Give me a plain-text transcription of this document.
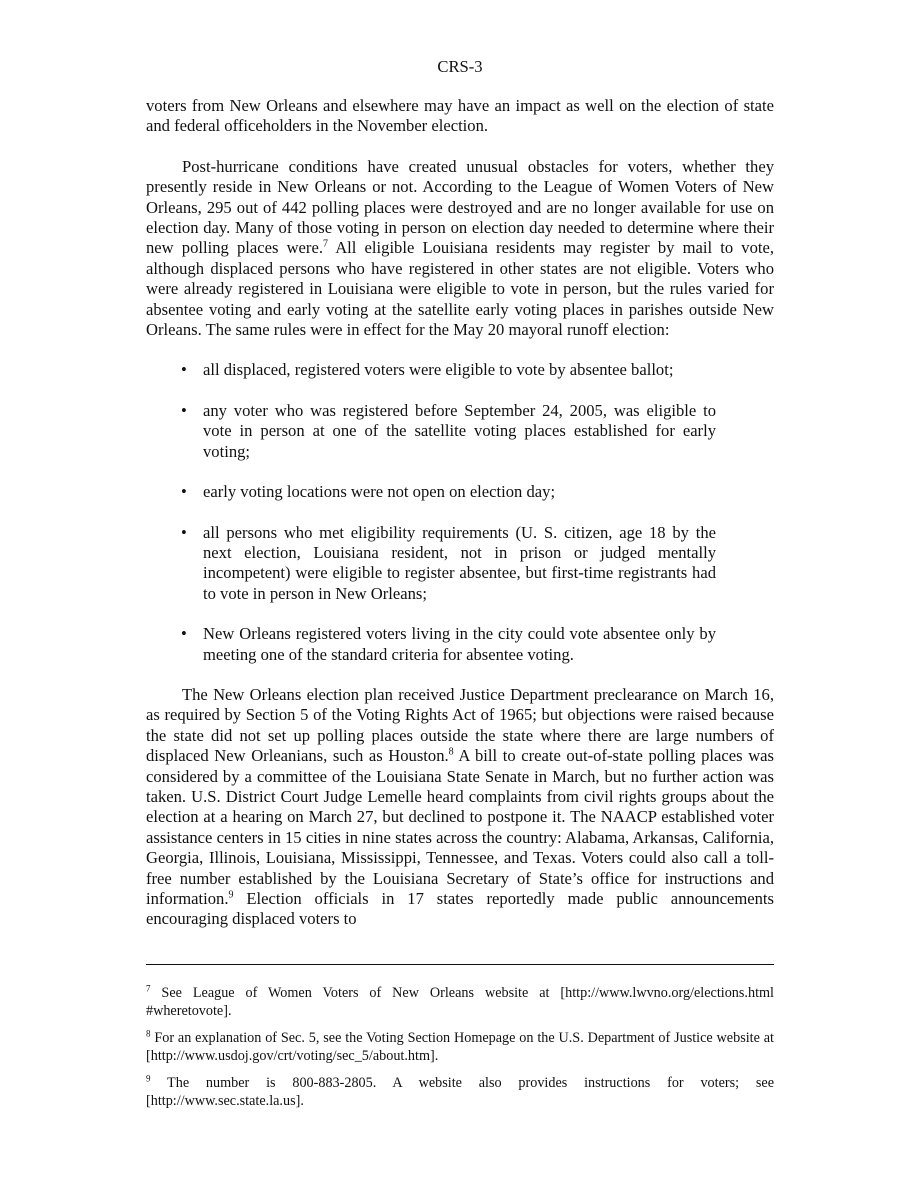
CRS-3

voters from New Orleans and elsewhere may have an impact as well on the election of state and federal officeholders in the November election.

Post-hurricane conditions have created unusual obstacles for voters, whether they presently reside in New Orleans or not. According to the League of Women Voters of New Orleans, 295 out of 442 polling places were destroyed and are no longer available for use on election day. Many of those voting in person on election day needed to determine where their new polling places were.$^7$ All eligible Louisiana residents may register by mail to vote, although displaced persons who have registered in other states are not eligible. Voters who were already registered in Louisiana were eligible to vote in person, but the rules varied for absentee voting and early voting at the satellite early voting places in parishes outside New Orleans. The same rules were in effect for the May 20 mayoral runoff election:

• all displaced, registered voters were eligible to vote by absentee ballot;
• any voter who was registered before September 24, 2005, was eligible to vote in person at one of the satellite voting places established for early voting;
• early voting locations were not open on election day;
• all persons who met eligibility requirements (U. S. citizen, age 18 by the next election, Louisiana resident, not in prison or judged mentally incompetent) were eligible to register absentee, but first-time registrants had to vote in person in New Orleans;
• New Orleans registered voters living in the city could vote absentee only by meeting one of the standard criteria for absentee voting.

The New Orleans election plan received Justice Department preclearance on March 16, as required by Section 5 of the Voting Rights Act of 1965; but objections were raised because the state did not set up polling places outside the state where there are large numbers of displaced New Orleanians, such as Houston.$^8$ A bill to create out-of-state polling places was considered by a committee of the Louisiana State Senate in March, but no further action was taken. U.S. District Court Judge Lemelle heard complaints from civil rights groups about the election at a hearing on March 27, but declined to postpone it. The NAACP established voter assistance centers in 15 cities in nine states across the country: Alabama, Arkansas, California, Georgia, Illinois, Louisiana, Mississippi, Tennessee, and Texas. Voters could also call a toll-free number established by the Louisiana Secretary of State’s office for instructions and information.$^9$ Election officials in 17 states reportedly made public announcements encouraging displaced voters to

$^7$ See League of Women Voters of New Orleans website at [http://www.lwvno.org/elections.html #wheretovote].

$^8$ For an explanation of Sec. 5, see the Voting Section Homepage on the U.S. Department of Justice website at [http://www.usdoj.gov/crt/voting/sec_5/about.htm].

$^9$ The number is 800-883-2805. A website also provides instructions for voters; see [http://www.sec.state.la.us].
